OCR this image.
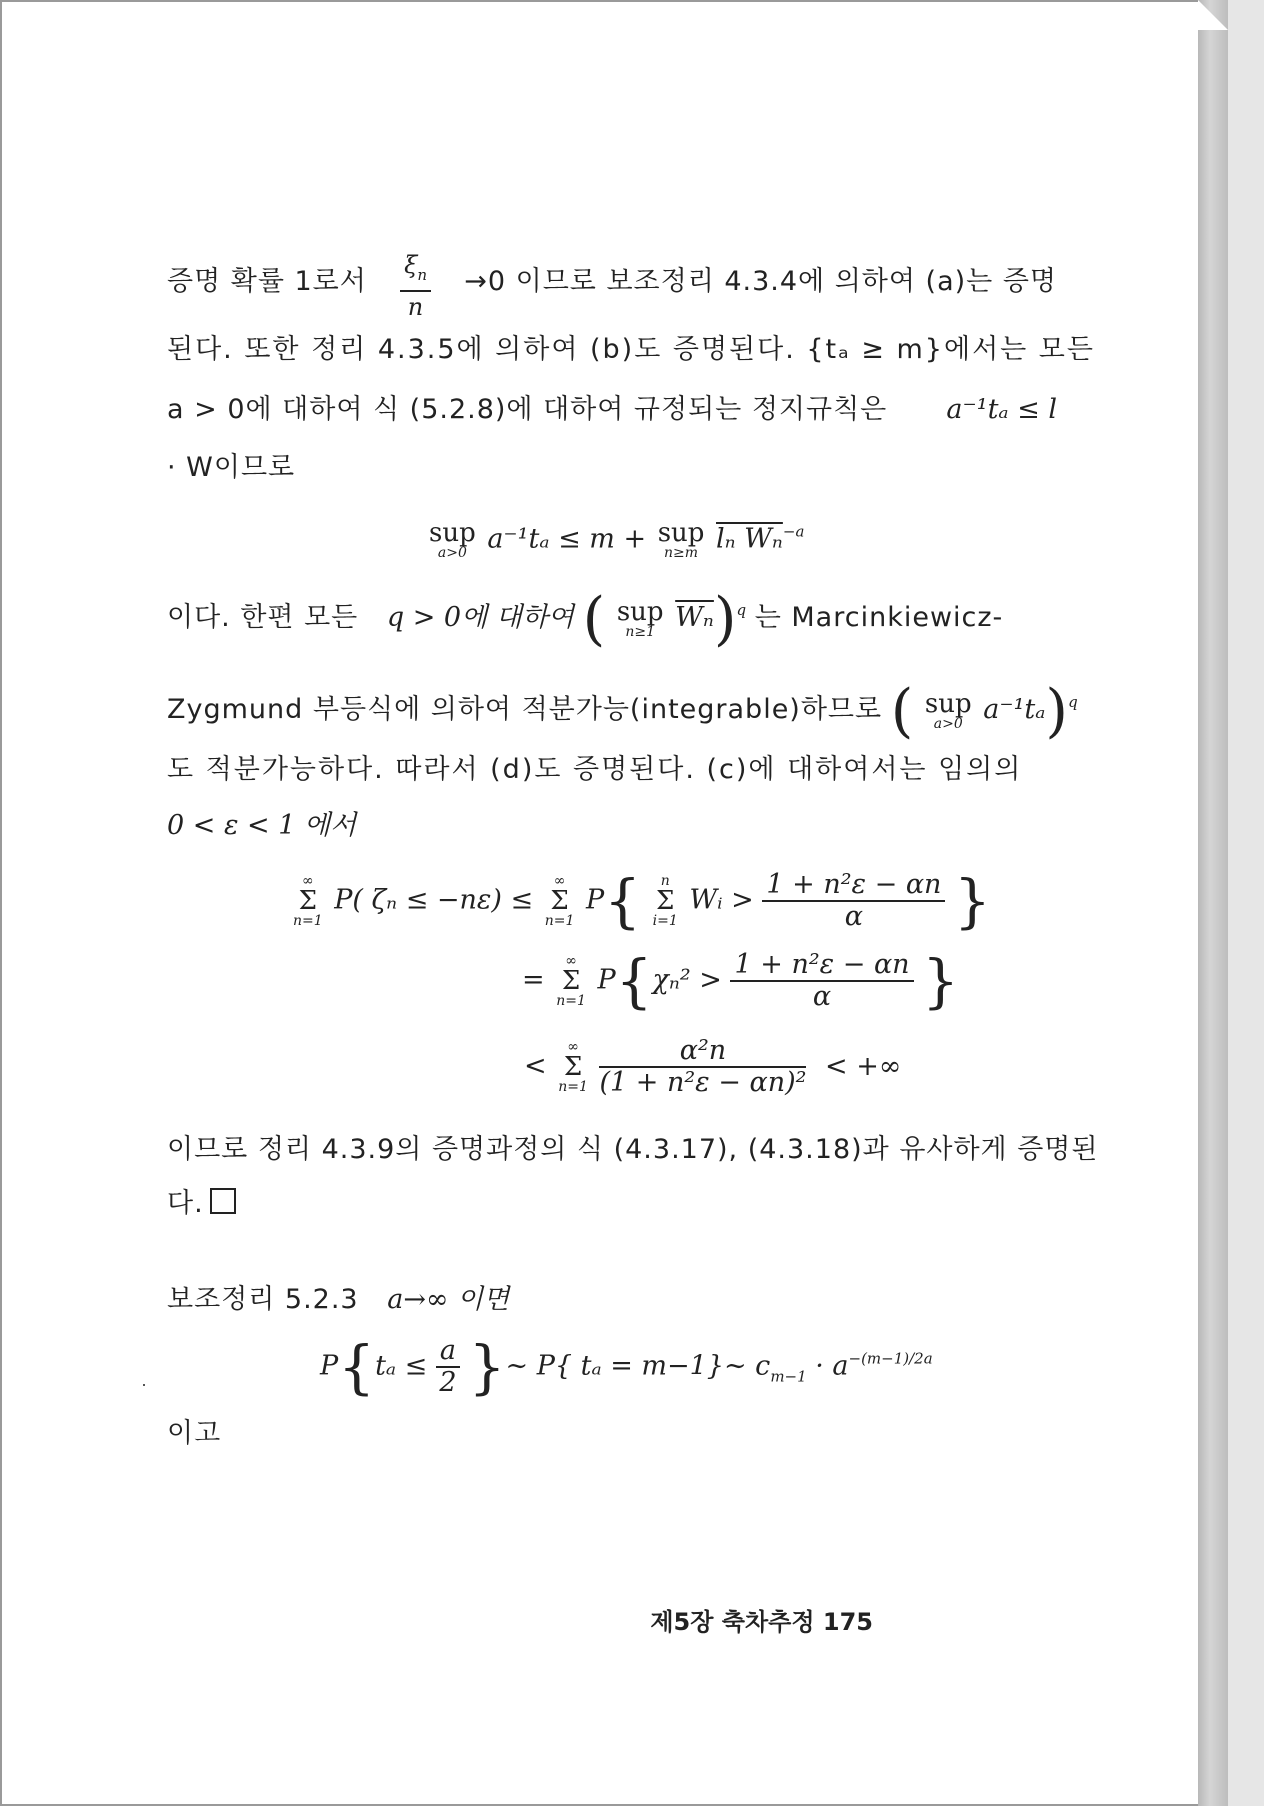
증명 확률 1로서 $\frac{\xi_n}{n} \to 0$ 이므로 보조정리 4.3.4에 의하여 (a)는 증명
된다. 또한 정리 4.3.5에 의하여 (b)도 증명된다. {tₐ ≥ m}에서는 모든
a > 0에 대하여 식 (5.2.8)에 대하여 규정되는 정지규칙은 a⁻¹tₐ ≤ l
· W이므로
sup
a>0 a⁻¹tₐ ≤ m + sup
n≥m lₙ Wₙ$^{-a}$
이다. 한편 모든 q > 0에 대하여 ( sup
n≥1 $\overline{W_n})^q$ 는 Marcinkiewicz-
Zygmund 부등식에 의하여 적분가능(integrable)하므로 ( sup
a>0 a⁻¹tₐ)$^q$
도 적분가능하다. 따라서 (d)도 증명된다. (c)에 대하여서는 임의의
0 < ε < 1 에서
∞
Σ
n=1
P( ζₙ ≤ −nε) ≤
∞
Σ
n=1
P{	n
Σ
i=1
Wᵢ > $\frac{\text{1 + n²ε − αn}}{\alpha}$ }
=
∞
Σ
n=1
$P\{\chi_n^2 > \frac{\text{1 + n²ε − αn}}{\alpha}$ }
<
∞
Σ
n=1
$\frac{\text{α²n}}{\text{(1 + n²ε − αn)²}}$ < +∞
이므로 정리 4.3.9의 증명과정의 식 (4.3.17), (4.3.18)과 유사하게 증명된
다.
보조정리 5.2.3 a→∞ 이면
$P\{t_a \le \frac{a}{2}$ }∼ P{ tₐ = m−1}∼ $c_{m-1} \cdot a^{-(m-1)/2a}$
이고
제5장 축차추정 175
